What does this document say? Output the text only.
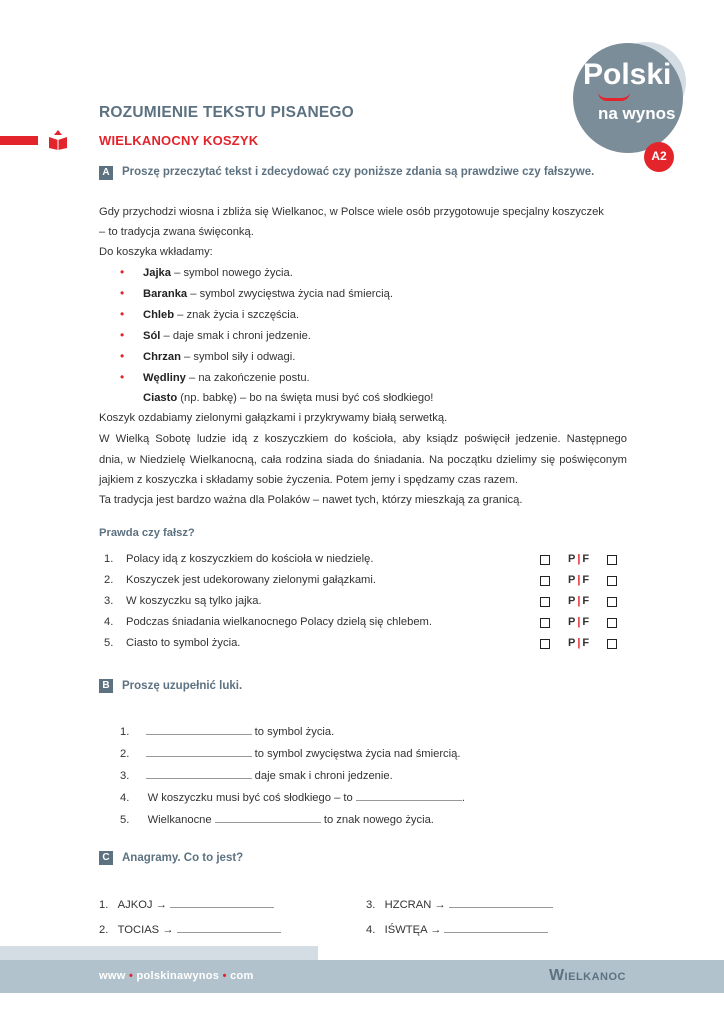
Polski
na wynos
A2
ROZUMIENIE TEKSTU PISANEGO
WIELKANOCNY KOSZYK
A Proszę przeczytać tekst i zdecydować czy poniższe zdania są prawdziwe czy fałszywe.
Gdy przychodzi wiosna i zbliża się Wielkanoc, w Polsce wiele osób przygotowuje specjalny koszyczek
– to tradycja zwana święconką.
Do koszyka wkładamy:
• Jajka – symbol nowego życia.
• Baranka – symbol zwycięstwa życia nad śmiercią.
• Chleb – znak życia i szczęścia.
• Sól – daje smak i chroni jedzenie.
• Chrzan – symbol siły i odwagi.
• Wędliny – na zakończenie postu.
Ciasto (np. babkę) – bo na święta musi być coś słodkiego!
Koszyk ozdabiamy zielonymi gałązkami i przykrywamy białą serwetką.
W Wielką Sobotę ludzie idą z koszyczkiem do kościoła, aby ksiądz poświęcił jedzenie. Następnego
dnia, w Niedzielę Wielkanocną, cała rodzina siada do śniadania. Na początku dzielimy się poświęconym
jajkiem z koszyczka i składamy sobie życzenia. Potem jemy i spędzamy czas razem.
Ta tradycja jest bardzo ważna dla Polaków – nawet tych, którzy mieszkają za granicą.
Prawda czy fałsz?
1. Polacy idą z koszyczkiem do kościoła w niedzielę.	P | F
2. Koszyczek jest udekorowany zielonymi gałązkami.	P | F
3. W koszyczku są tylko jajka.	P | F
4. Podczas śniadania wielkanocnego Polacy dzielą się chlebem.	P | F
5. Ciasto to symbol życia.	P | F
B Proszę uzupełnić luki.
1.	to symbol życia.
2.	to symbol zwycięstwa życia nad śmiercią.
3.	daje smak i chroni jedzenie.
4. W koszyczku musi być coś słodkiego – to	.
5. Wielkanocne	to znak nowego życia.
C Anagramy. Co to jest?
1. AJKOJ →
2. TOCIAS →
3. HZCRAN →
4. IŚWTĘA →
www • polskinawynos • com	Wielkanoc
